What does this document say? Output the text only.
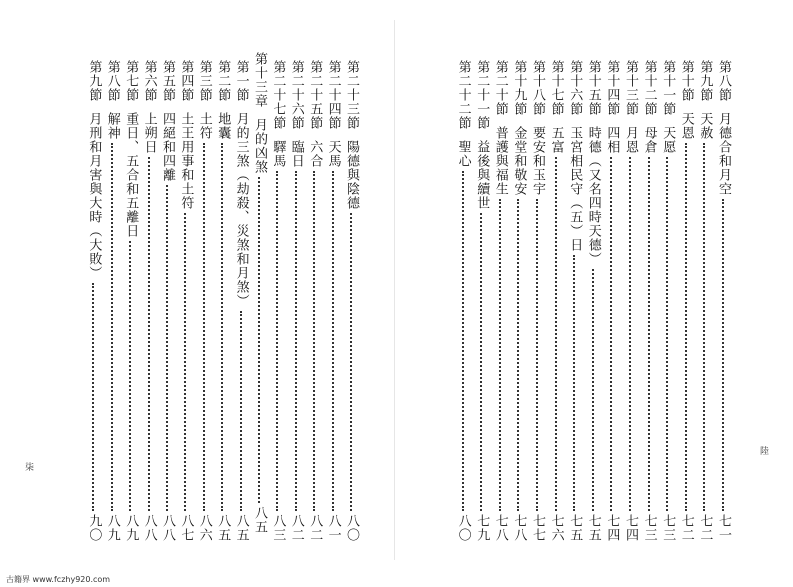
第二十三節
陽德與陰德
八〇
第二十四節
天馬
八一
第二十五節
六合
八二
第二十六節
臨日
八二
第二十七節
驛馬
八三
第十三章
月的凶煞
八五
第一節
月的三煞（劫殺、災煞和月煞）
八五
第二節
地囊
八五
第三節
土符
八六
第四節
土王用事和土符
八七
第五節
四絕和四離
八八
第六節
上朔日
八八
第七節
重日、五合和五離日
八九
第八節
解神
八九
第九節
月刑和月害與大時（大敗）
九〇
第八節
月德合和月空
七一
第九節
天赦
七二
第十節
天恩
七二
第十一節
天愿
七三
第十二節
母倉
七三
第十三節
月恩
七四
第十四節
四相
七四
第十五節
時德（又名四時天德）
七五
第十六節
玉宮相民守（五）日
七五
第十七節
五富
七六
第十八節
要安和玉宇
七七
第十九節
金堂和敬安
七八
第二十節
普護與福生
七八
第二十一節
益後與續世
七九
第二十二節
聖心
八〇
柒
陸
古籍界 www.fczhy920.com
